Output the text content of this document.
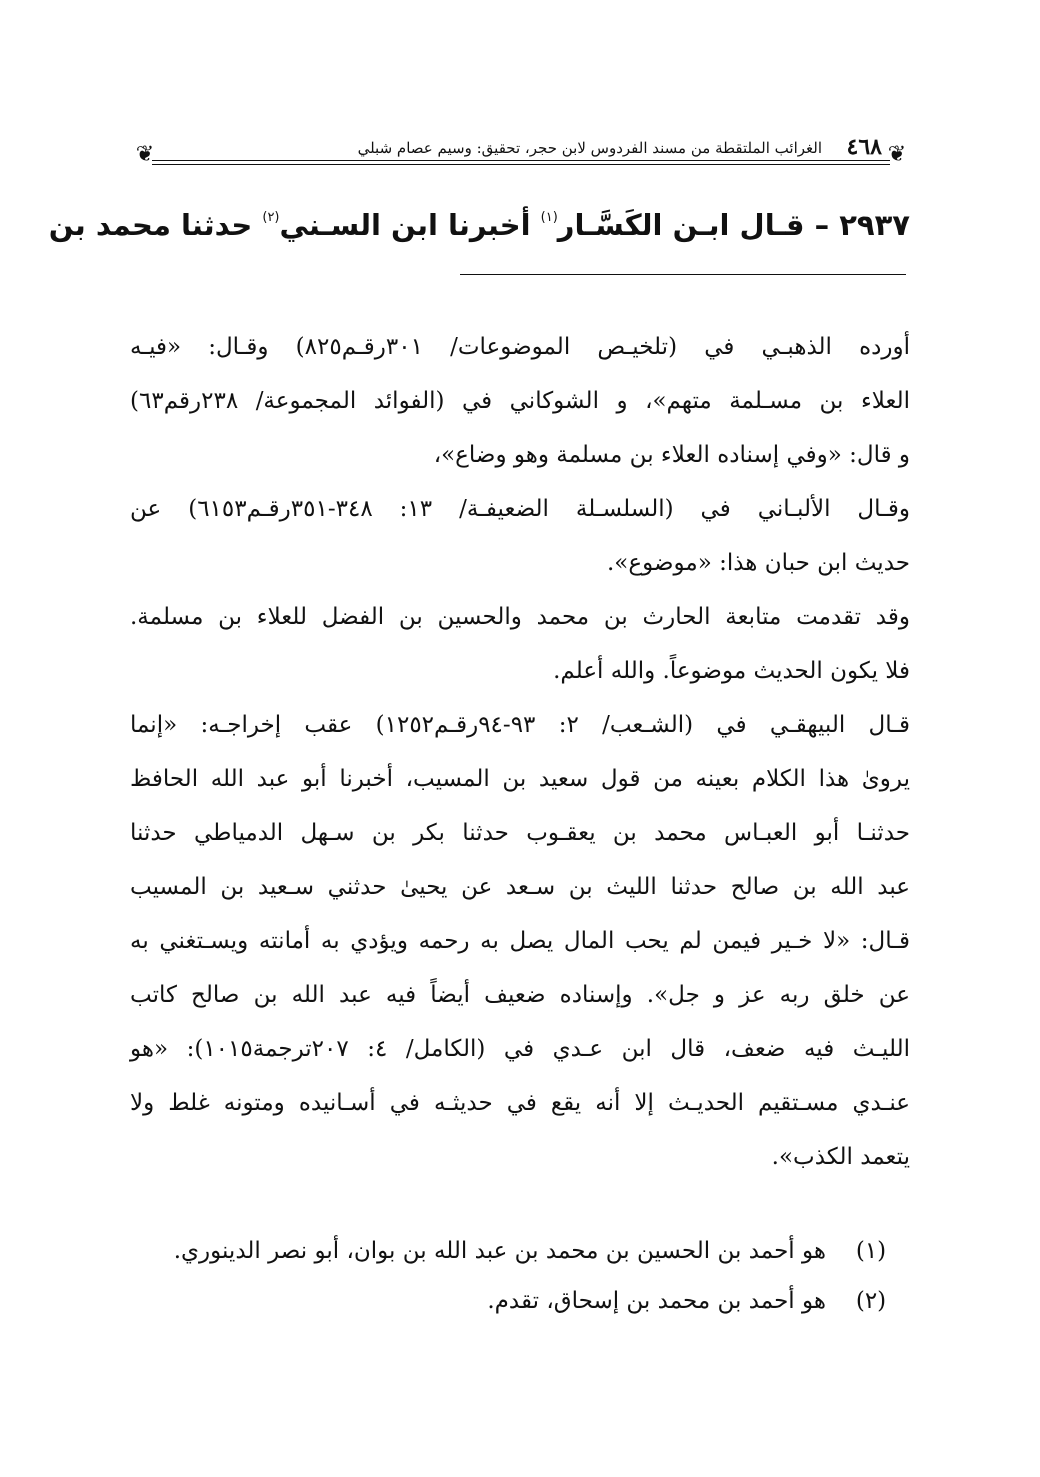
❦
❦	٤٦٨
الغرائب الملتقطة من مسند الفردوس لابن حجر، تحقيق: وسيم عصام شبلي
٢٩٣٧ – قـال ابـن الكَسَّـار$^{(١)}$ أخبرنا ابن السـني$^{(٢)}$ حدثنا محمد بن
أورده الذهبـي في (تلخيـص الموضوعات/ ٣٠١رقـم٨٢٥) وقـال: «فيـه
العلاء بن مسـلمة متهم»، و الشوكاني في (الفوائد المجموعة/ ٢٣٨رقم٦٣)
و قال: «وفي إسناده العلاء بن مسلمة وهو وضاع»،
وقـال الألبـاني في (السلسـلة الضعيفـة/ ١٣: ٣٤٨-٣٥١رقـم٦١٥٣) عن
حديث ابن حبان هذا: «موضوع».
وقد تقدمت متابعة الحارث بن محمد والحسين بن الفضل للعلاء بن مسلمة.
فلا يكون الحديث موضوعاً. والله أعلم.
قـال البيهقـي في (الشـعب/ ٢: ٩٣-٩٤رقـم١٢٥٢) عقب إخراجـه: «إنما
يروىٰ هذا الكلام بعينه من قول سعيد بن المسيب، أخبرنا أبو عبد الله الحافظ
حدثنـا أبو العبـاس محمد بن يعقـوب حدثنا بكر بن سـهل الدمياطي حدثنا
عبد الله بن صالح حدثنا الليث بن سـعد عن يحيىٰ حدثني سـعيد بن المسيب
قـال: «لا خـير فيمن لم يحب المال يصل به رحمه ويؤدي به أمانته ويسـتغني به
عن خلق ربه عز و جل». وإسناده ضعيف أيضاً فيه عبد الله بن صالح كاتب
الليـث فيه ضعف، قال ابن عـدي في (الكامل/ ٤: ٢٠٧ترجمة١٠١٥): «هو
عنـدي مسـتقيم الحديـث إلا أنه يقع في حديثـه في أسـانيده ومتونه غلط ولا
يتعمد الكذب».
(١)هو أحمد بن الحسين بن محمد بن عبد الله بن بوان، أبو نصر الدينوري.
(٢)هو أحمد بن محمد بن إسحاق، تقدم.
